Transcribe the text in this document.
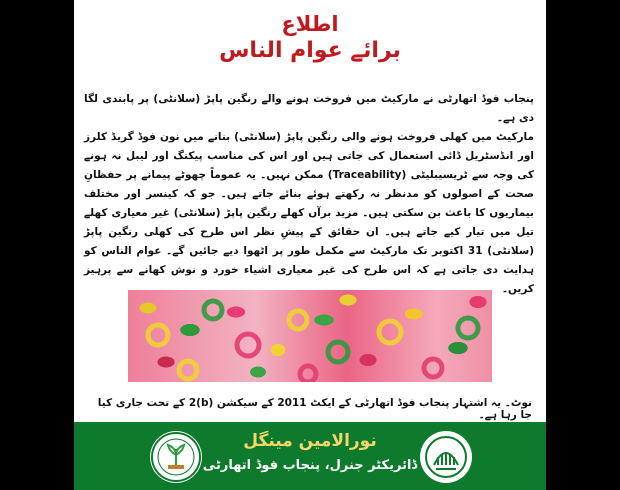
اطلاع
برائے عوام الناس

پنجاب فوڈ اتھارٹی نے مارکیٹ میں فروخت ہونے والے رنگین پاپڑ (سلانٹی) پر پابندی لگا دی ہے۔

مارکیٹ میں کھلی فروخت ہونے والی رنگین پاپڑ (سلانٹی) بنانے میں نون فوڈ گریڈ کلرز اور انڈسٹریل ڈائی استعمال کی جاتی ہیں اور اس کی مناسب پیکنگ اور لیبل نہ ہونے کی وجہ سے ٹریسیبلیٹی (Traceability) ممکن نہیں۔ یہ عموماً چھوٹے پیمانے پر حفظانِ صحت کے اصولوں کو مدنظر نہ رکھتے ہوئے بنائے جاتے ہیں۔ جو کہ کینسر اور مختلف بیماریوں کا باعث بن سکتی ہیں۔ مزید برآں کھلے رنگین پاپڑ (سلانٹی) غیر معیاری کھلے تیل میں تیار کیے جاتے ہیں۔ ان حقائق کے پیشِ نظر اس طرح کی کھلی رنگین پاپڑ (سلانٹی) 31 اکتوبر تک مارکیٹ سے مکمل طور پر اٹھوا دیے جائیں گے۔ عوام الناس کو ہدایت دی جاتی ہے کہ اس طرح کی غیر معیاری اشیاء خورد و نوش کھانے سے پرہیز کریں۔

نوٹ۔ یہ اشتہار پنجاب فوڈ اتھارٹی کے ایکٹ 2011 کے سیکشن (b)2 کے تحت جاری کیا جا رہا ہے۔
نورالامین مینگل
ڈائریکٹر جنرل، پنجاب فوڈ اتھارٹی
